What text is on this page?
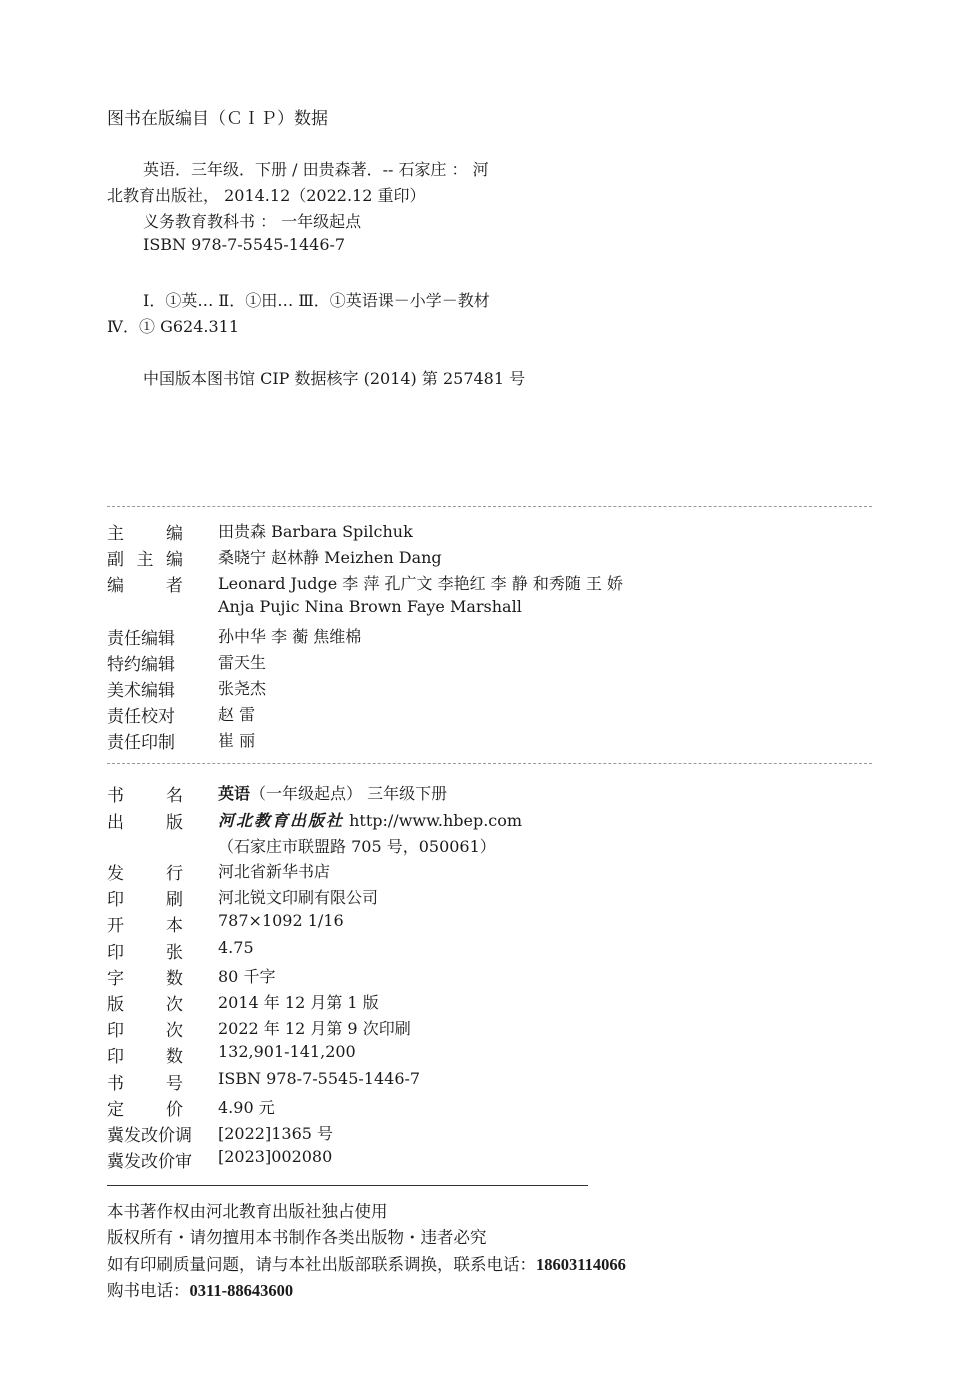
图书在版编目（ＣＩＰ）数据
英语．三年级．下册 / 田贵森著．-- 石家庄 ： 河
北教育出版社， 2014.12（2022.12 重印）
义务教育教科书 ： 一年级起点
ISBN 978-7-5545-1446-7
Ⅰ．①英… Ⅱ．①田… Ⅲ．①英语课－小学－教材
Ⅳ．① G624.311
中国版本图书馆 CIP 数据核字 (2014) 第 257481 号
主 编 田贵森 Barbara Spilchuk
副 主 编 桑晓宁 赵林静 Meizhen Dang
编 者 Leonard Judge 李 萍 孔广文 李艳红 李 静 和秀随 王 娇
Anja Pujic Nina Brown Faye Marshall
责任编辑	孙中华 李 蘅 焦维棉
特约编辑	雷天生
美术编辑	张尧杰
责任校对	赵 雷
责任印制	崔 丽
书 名 英语（一年级起点） 三年级下册
出 版 河北教育出版社 http://www.hbep.com
（石家庄市联盟路 705 号，050061）
发 行 河北省新华书店
印 刷 河北锐文印刷有限公司
开 本 787×1092 1/16
印 张 4.75
字 数 80 千字
版 次 2014 年 12 月第 1 版
印 次 2022 年 12 月第 9 次印刷
印 数 132,901-141,200
书 号 ISBN 978-7-5545-1446-7
定 价 4.90 元
冀发改价调 [2022]1365 号
冀发改价审 [2023]002080
本书著作权由河北教育出版社独占使用
版权所有・请勿擅用本书制作各类出版物・违者必究
如有印刷质量问题，请与本社出版部联系调换，联系电话：18603114066
购书电话：0311-88643600
